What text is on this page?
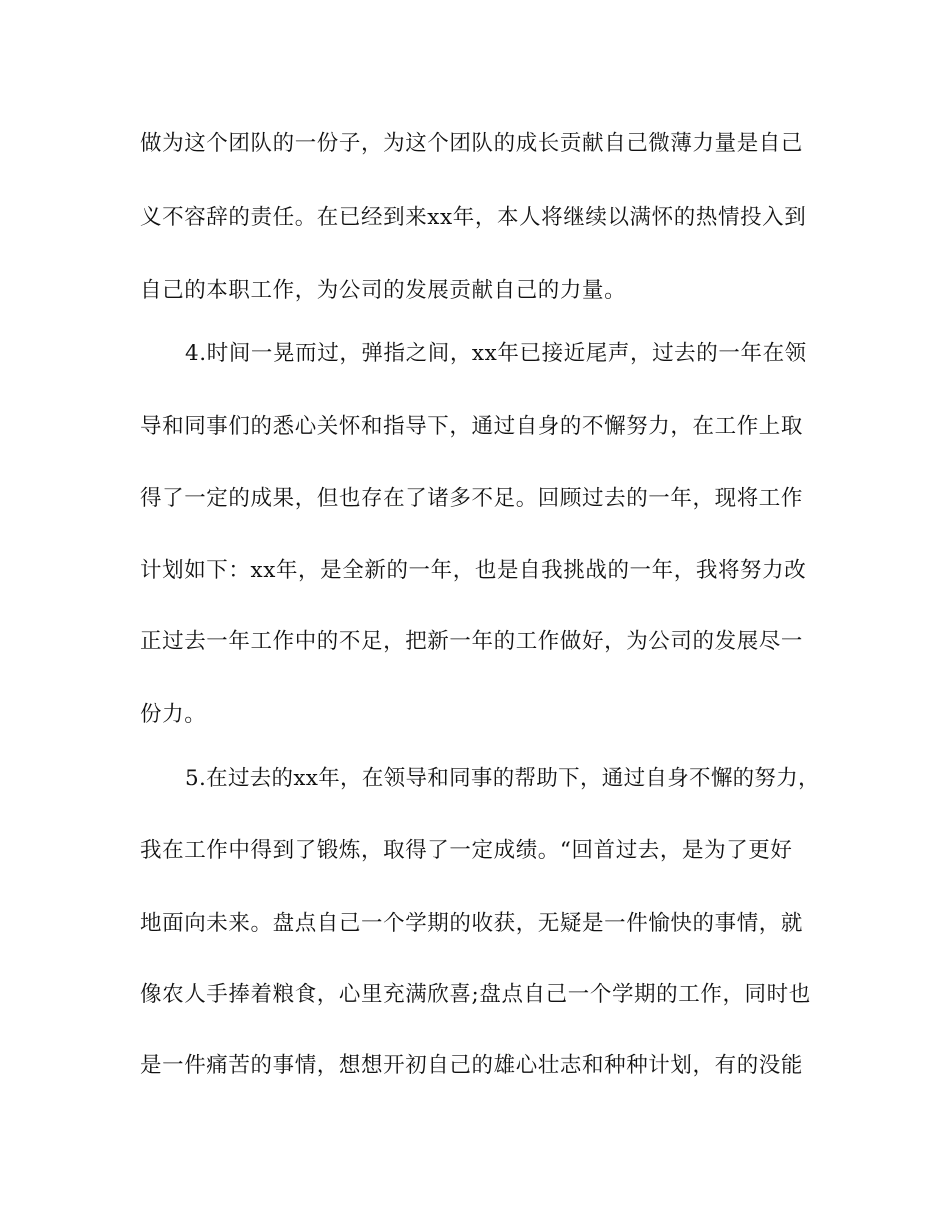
做为这个团队的一份子，为这个团队的成长贡献自己微薄力量是自己
义不容辞的责任。在已经到来xx年，本人将继续以满怀的热情投入到
自己的本职工作，为公司的发展贡献自己的力量。
4.时间一晃而过，弹指之间，xx年已接近尾声，过去的一年在领
导和同事们的悉心关怀和指导下，通过自身的不懈努力，在工作上取
得了一定的成果，但也存在了诸多不足。回顾过去的一年，现将工作
计划如下：xx年，是全新的一年，也是自我挑战的一年，我将努力改
正过去一年工作中的不足，把新一年的工作做好，为公司的发展尽一
份力。
5.在过去的xx年，在领导和同事的帮助下，通过自身不懈的努力，
我在工作中得到了锻炼，取得了一定成绩。“回首过去，是为了更好
地面向未来。盘点自己一个学期的收获，无疑是一件愉快的事情，就
像农人手捧着粮食，心里充满欣喜;盘点自己一个学期的工作，同时也
是一件痛苦的事情，想想开初自己的雄心壮志和种种计划，有的没能
